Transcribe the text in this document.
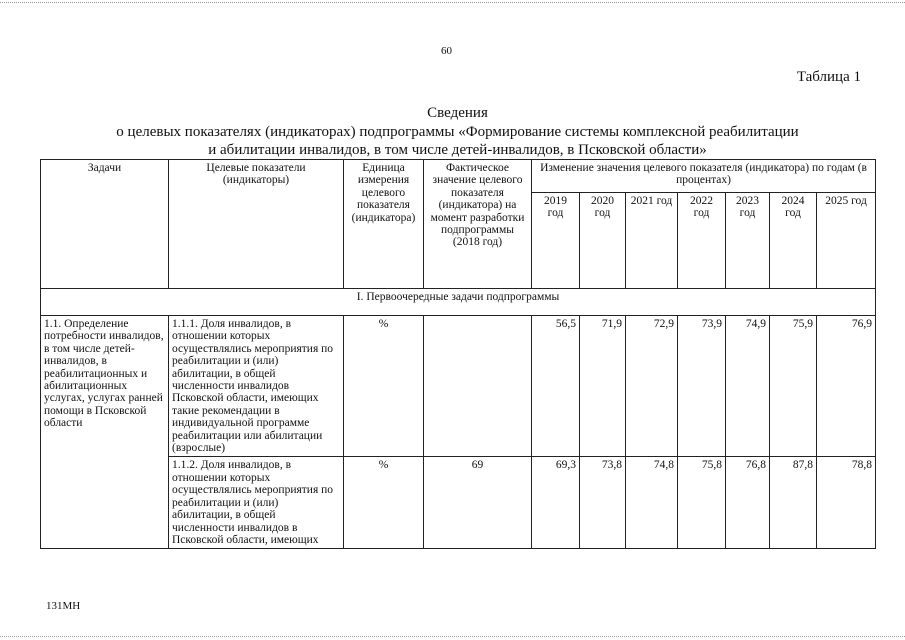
60
Таблица 1
Сведения
о целевых показателях (индикаторах) подпрограммы «Формирование системы комплексной реабилитации
и абилитации инвалидов, в том числе детей-инвалидов, в Псковской области»
Задачи	Целевые показатели (индикаторы)	Единица измерения целевого показателя (индикатора)	Фактическое значение целевого показателя (индикатора) на момент разработки подпрограммы (2018 год)	Изменение значения целевого показателя (индикатора) по годам (в процентах)						
				2019 год	2020 год	2021 год	2022 год	2023 год	2024 год	2025 год
I. Первоочередные задачи подпрограммы										
1.1. Определение потребности инвалидов, в том числе детей-инвалидов, в реабилитационных и абилитационных услугах, услугах ранней помощи в Псковской области	1.1.1. Доля инвалидов, в отношении которых осуществлялись мероприятия по реабилитации и (или) абилитации, в общей численности инвалидов Псковской области, имеющих такие рекомендации в индивидуальной программе реабилитации или абилитации (взрослые)	%		56,5	71,9	72,9	73,9	74,9	75,9	76,9
	1.1.2. Доля инвалидов, в отношении которых осуществлялись мероприятия по реабилитации и (или) абилитации, в общей численности инвалидов в Псковской области, имеющих	%	69	69,3	73,8	74,8	75,8	76,8	87,8	78,8
131МН
